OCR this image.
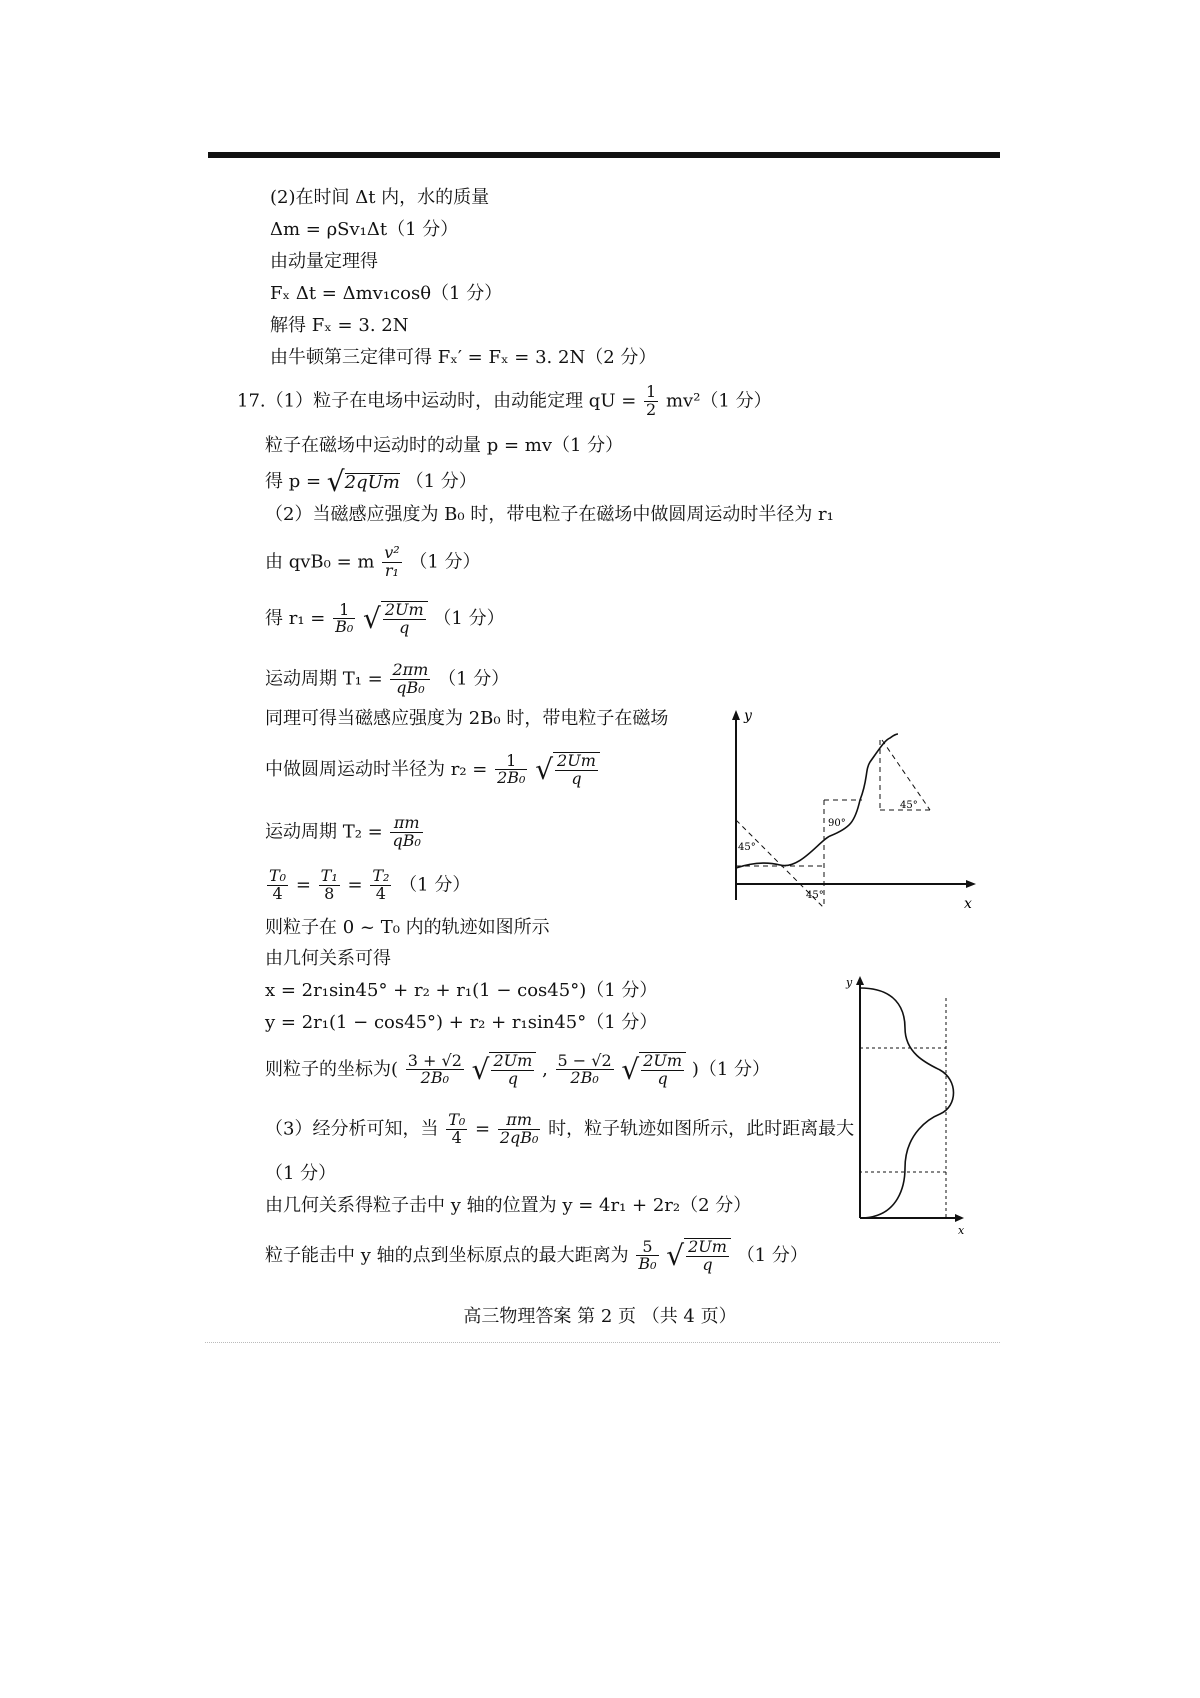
(2)在时间 Δt 内，水的质量
Δm = ρSv₁Δt（1 分）
由动量定理得
Fₓ Δt = Δmv₁cosθ（1 分）
解得 Fₓ = 3. 2N
由牛顿第三定律可得 Fₓ′ = Fₓ = 3. 2N（2 分）
17.（1）粒子在电场中运动时，由动能定理 qU = $\frac{1}{2} mv^2(1$ 分）
粒子在磁场中运动时的动量 p = mv（1 分）
得 p = √2qUm （1 分）
（2）当磁感应强度为 B₀ 时，带电粒子在磁场中做圆周运动时半径为 r₁
由 qvB₀ = m $\frac{\text{v²}}{\text{r₁}} (1$ 分）
得 $r_1 = \frac{1}{\text{B₀}}$ √ $\frac{2Um}{q} (1$ 分）
运动周期 $T_1 = \frac{2\pi m}{\text{qB₀}} (1$ 分）
同理可得当磁感应强度为 2B₀ 时，带电粒子在磁场
中做圆周运动时半径为 $r_2 = \frac{1}{\text{2B₀}}$ √ $\frac{2Um}{q}$
运动周期 $T_2 = \frac{\pi m}{\text{qB₀}}$
$\frac{\text{T₀}}{4} = \frac{\text{T₁}}{8} = \frac{\text{T₂}}{4} (1$ 分）
则粒子在 0 ~ T₀ 内的轨迹如图所示
由几何关系可得
x = 2r₁sin45° + r₂ + r₁(1 − cos45°)（1 分）
y = 2r₁(1 − cos45°) + r₂ + r₁sin45°（1 分）
则粒子的坐标为( $\frac{3 + √2}{\text{2B₀}}$ √ $\frac{2Um}{q}$ , $\frac{5 - √2}{\text{2B₀}}$ √ $\frac{2Um}{q} )(1$ 分）
（3）经分析可知，当 $\frac{\text{T₀}}{4} = \frac{\pi m}{\text{2qB₀}}$ 时，粒子轨迹如图所示，此时距离最大
（1 分）
由几何关系得粒子击中 y 轴的位置为 y = 4r₁ + 2r₂（2 分）
粒子能击中 y 轴的点到坐标原点的最大距离为 $\frac{5}{\text{B₀}}$ √ $\frac{2Um}{q} (1$ 分）
y
x
45°
90°
45°
45°
y
x
高三物理答案 第 2 页 （共 4 页）
